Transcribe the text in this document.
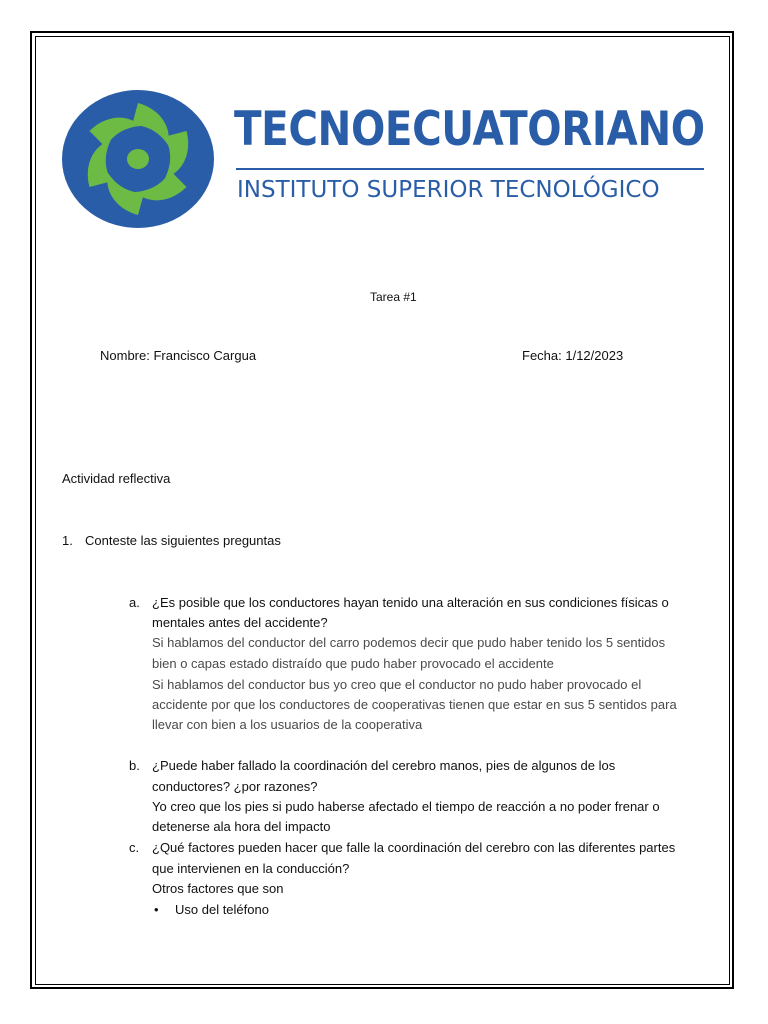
TECNOECUATORIANO
INSTITUTO SUPERIOR TECNOLÓGICO
Tarea #1
Nombre: Francisco Cargua	Fecha: 1/12/2023
Actividad reflectiva
1. Conteste las siguientes preguntas
a. ¿Es posible que los conductores hayan tenido una alteración en sus condiciones físicas o
mentales antes del accidente?
Si hablamos del conductor del carro podemos decir que pudo haber tenido los 5 sentidos
bien o capas estado distraído que pudo haber provocado el accidente
Si hablamos del conductor bus yo creo que el conductor no pudo haber provocado el
accidente por que los conductores de cooperativas tienen que estar en sus 5 sentidos para
llevar con bien a los usuarios de la cooperativa
b. ¿Puede haber fallado la coordinación del cerebro manos, pies de algunos de los
conductores? ¿por razones?
Yo creo que los pies si pudo haberse afectado el tiempo de reacción a no poder frenar o
detenerse ala hora del impacto
c. ¿Qué factores pueden hacer que falle la coordinación del cerebro con las diferentes partes
que intervienen en la conducción?
Otros factores que son
• Uso del teléfono
